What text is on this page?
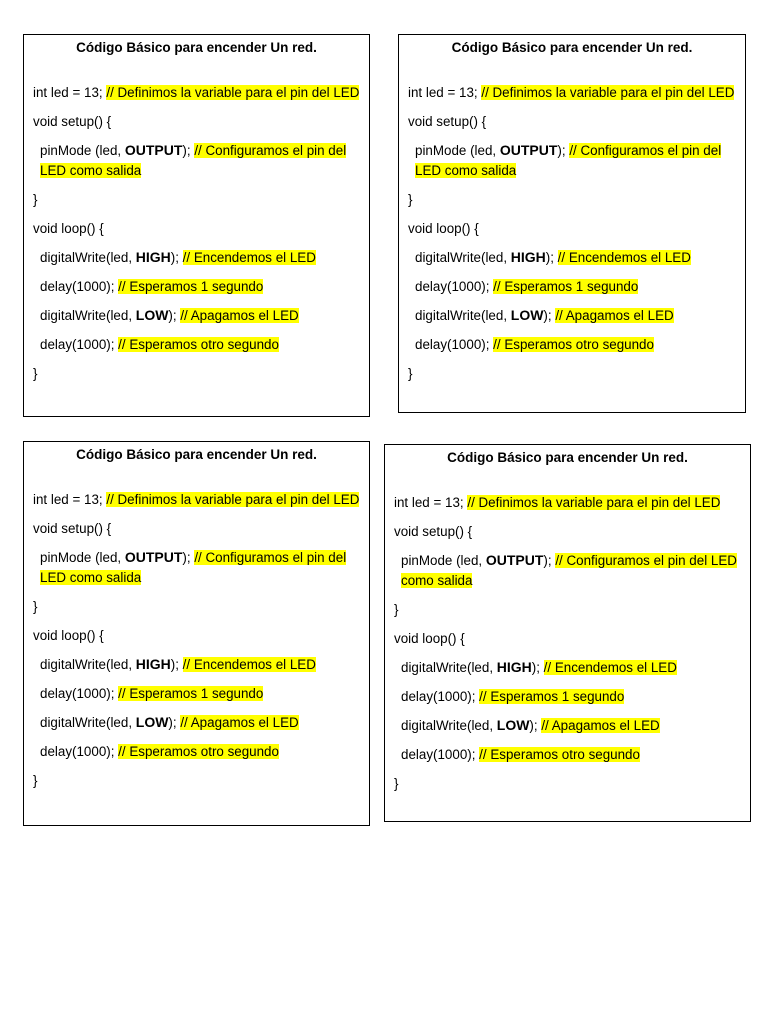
Código Básico para encender Un red.

int led = 13; // Definimos la variable para el pin del LED

void setup() {

pinMode (led, OUTPUT); // Configuramos el pin del LED como salida

}

void loop() {

digitalWrite(led, HIGH); // Encendemos el LED

delay(1000); // Esperamos 1 segundo

digitalWrite(led, LOW); // Apagamos el LED

delay(1000); // Esperamos otro segundo

}

Código Básico para encender Un red.

int led = 13; // Definimos la variable para el pin del LED

void setup() {

pinMode (led, OUTPUT); // Configuramos el pin del LED como salida

}

void loop() {

digitalWrite(led, HIGH); // Encendemos el LED

delay(1000); // Esperamos 1 segundo

digitalWrite(led, LOW); // Apagamos el LED

delay(1000); // Esperamos otro segundo

}

Código Básico para encender Un red.

int led = 13; // Definimos la variable para el pin del LED

void setup() {

pinMode (led, OUTPUT); // Configuramos el pin del LED como salida

}

void loop() {

digitalWrite(led, HIGH); // Encendemos el LED

delay(1000); // Esperamos 1 segundo

digitalWrite(led, LOW); // Apagamos el LED

delay(1000); // Esperamos otro segundo

}

Código Básico para encender Un red.

int led = 13; // Definimos la variable para el pin del LED

void setup() {

pinMode (led, OUTPUT); // Configuramos el pin del LED como salida

}

void loop() {

digitalWrite(led, HIGH); // Encendemos el LED

delay(1000); // Esperamos 1 segundo

digitalWrite(led, LOW); // Apagamos el LED

delay(1000); // Esperamos otro segundo

}
